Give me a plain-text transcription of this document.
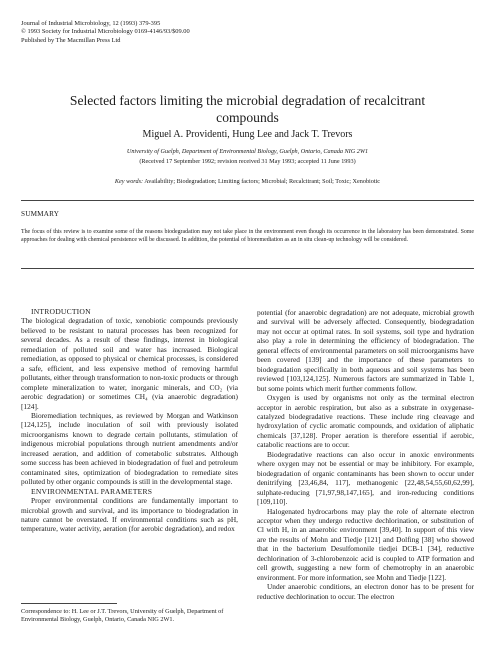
Journal of Industrial Microbiology, 12 (1993) 379-395
© 1993 Society for Industrial Microbiology 0169-4146/93/$09.00
Published by The Macmillan Press Ltd
Selected factors limiting the microbial degradation of recalcitrant
compounds
Miguel A. Providenti, Hung Lee and Jack T. Trevors
University of Guelph, Department of Environmental Biology, Guelph, Ontario, Canada NIG 2W1
(Received 17 September 1992; revision received 31 May 1993; accepted 11 June 1993)
Key words: Availability; Biodegradation; Limiting factors; Microbial; Recalcitrant; Soil; Toxic; Xenobiotic
SUMMARY
The focus of this review is to examine some of the reasons biodegradation may not take place in the environment even though its occurrence in the laboratory has been demonstrated. Some approaches for dealing with chemical persistence will be discussed. In addition, the potential of bioremediation as an in situ clean-up technology will be considered.

INTRODUCTION

The biological degradation of toxic, xenobiotic compounds previously believed to be resistant to natural processes has been recognized for several decades. As a result of these findings, interest in biological remediation of polluted soil and water has increased. Biological remediation, as opposed to physical or chemical processes, is considered a safe, efficient, and less expensive method of removing harmful pollutants, either through transformation to non-toxic products or through complete mineralization to water, inorganic minerals, and CO₂ (via aerobic degradation) or sometimes CH₄ (via anaerobic degradation) [124].

Bioremediation techniques, as reviewed by Morgan and Watkinson [124,125], include inoculation of soil with previously isolated microorganisms known to degrade certain pollutants, stimulation of indigenous microbial populations through nutrient amendments and/or increased aeration, and addition of cometabolic substrates. Although some success has been achieved in biodegradation of fuel and petroleum contaminated sites, optimization of biodegradation to remediate sites polluted by other organic compounds is still in the developmental stage.

ENVIRONMENTAL PARAMETERS

Proper environmental conditions are fundamentally important to microbial growth and survival, and its importance to biodegradation in nature cannot be overstated. If environmental conditions such as pH, temperature, water activity, aeration (for aerobic degradation), and redox

potential (for anaerobic degradation) are not adequate, microbial growth and survival will be adversely affected. Consequently, biodegradation may not occur at optimal rates. In soil systems, soil type and hydration also play a role in determining the efficiency of biodegradation. The general effects of environmental parameters on soil microorganisms have been covered [139] and the importance of these parameters to biodegradation specifically in both aqueous and soil systems has been reviewed [103,124,125]. Numerous factors are summarized in Table 1, but some points which merit further comments follow.

Oxygen is used by organisms not only as the terminal electron acceptor in aerobic respiration, but also as a substrate in oxygenase-catalyzed biodegradative reactions. These include ring cleavage and hydroxylation of cyclic aromatic compounds, and oxidation of aliphatic chemicals [37,128]. Proper aeration is therefore essential if aerobic, catabolic reactions are to occur.

Biodegradative reactions can also occur in anoxic environments where oxygen may not be essential or may be inhibitory. For example, biodegradation of organic contaminants has been shown to occur under denitrifying [23,46,84, 117], methanogenic [22,48,54,55,60,62,99], sulphate-reducing [71,97,98,147,165], and iron-reducing conditions [109,110].

Halogenated hydrocarbons may play the role of alternate electron acceptor when they undergo reductive dechlorination, or substitution of Cl with H, in an anaerobic environment [39,40]. In support of this view are the results of Mohn and Tiedje [121] and Dolfing [38] who showed that in the bacterium Desulfomonile tiedjei DCB-1 [34], reductive dechlorination of 3-chlorobenzoic acid is coupled to ATP formation and cell growth, suggesting a new form of chemotrophy in an anaerobic environment. For more information, see Mohn and Tiedje [122].

Under anaerobic conditions, an electron donor has to be present for reductive dechlorination to occur. The electron

Correspondence to: H. Lee or J.T. Trevors, University of Guelph, Department of Environmental Biology, Guelph, Ontario, Canada NIG 2W1.
